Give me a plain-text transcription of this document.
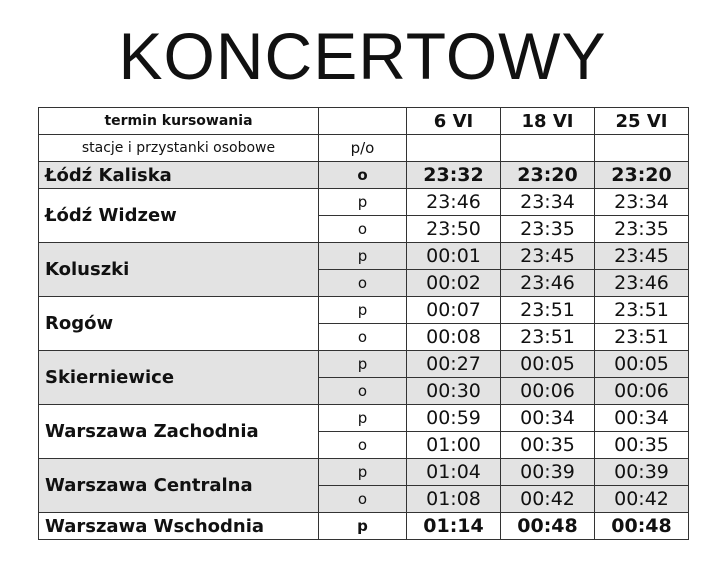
KONCERTOWY
termin kursowania		6 VI	18 VI	25 VI
stacje i przystanki osobowe	p/o			
Łódź Kaliska	o	23:32	23:20	23:20
Łódź Widzew	p	23:46	23:34	23:34
	o	23:50	23:35	23:35
Koluszki	p	00:01	23:45	23:45
	o	00:02	23:46	23:46
Rogów	p	00:07	23:51	23:51
	o	00:08	23:51	23:51
Skierniewice	p	00:27	00:05	00:05
	o	00:30	00:06	00:06
Warszawa Zachodnia	p	00:59	00:34	00:34
	o	01:00	00:35	00:35
Warszawa Centralna	p	01:04	00:39	00:39
	o	01:08	00:42	00:42
Warszawa Wschodnia	p	01:14	00:48	00:48
